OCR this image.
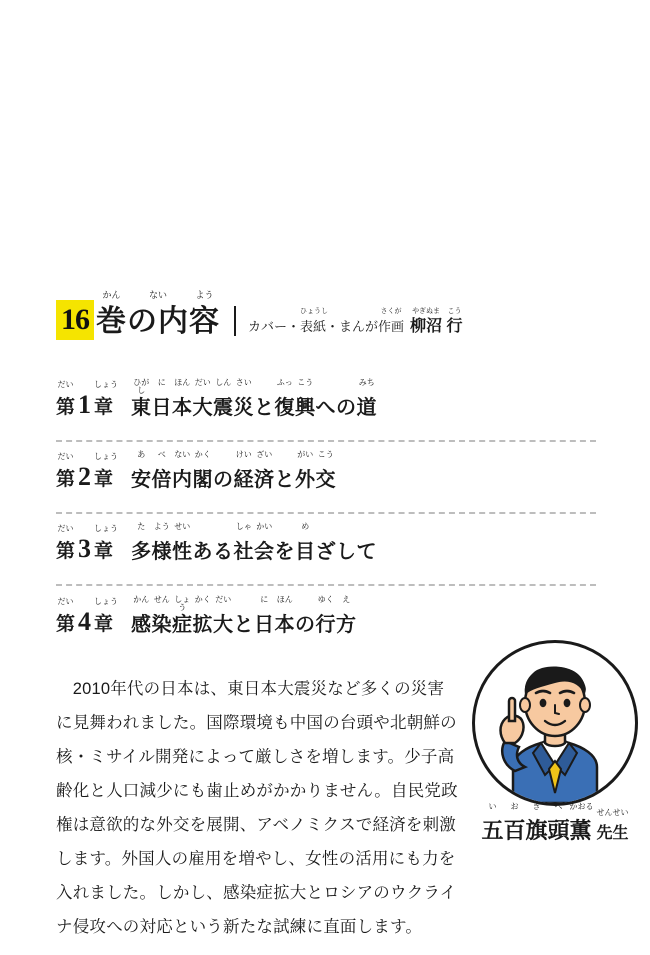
16
かん
巻
ない
の内
よう
容 カバー・
ひょうし
表紙・まんが
さくが
作画
やぎぬま
柳沼
こう
行
だい
第 1
しょう
章
ひがし
東
に
日
ほん
本
だい
大
しん
震
さい
災 と
ふっ
復
こう
興 への
みち
道
だい
第 2
しょう
章
あ
安
べ
倍
ない
内
かく
閣 の
けい
経
ざい
済 と
がい
外
こう
交
だい
第 3
しょう
章
た
多
よう
様
せい
性 ある
しゃ
社
かい
会 を
め
目 ざして
だい
第 4
しょう
章
かん
感
せん
染
しょう
症
かく
拡
だい
大 と
に
日
ほん
本 の
ゆく
行
え
方
　2010年代の日本は、東日本大震災など多くの災害
に見舞われました。国際環境も中国の台頭や北朝鮮の
核・ミサイル開発によって厳しさを増します。少子高
齢化と人口減少にも歯止めがかかりません。自民党政
権は意欲的な外交を展開、アベノミクスで経済を刺激
します。外国人の雇用を増やし、女性の活用にも力を
入れました。しかし、感染症拡大とロシアのウクライ
ナ侵攻への対応という新たな試練に直面します。
い
五
お
百
き
旗
べ
頭
かおる
薫
せんせい
先生
